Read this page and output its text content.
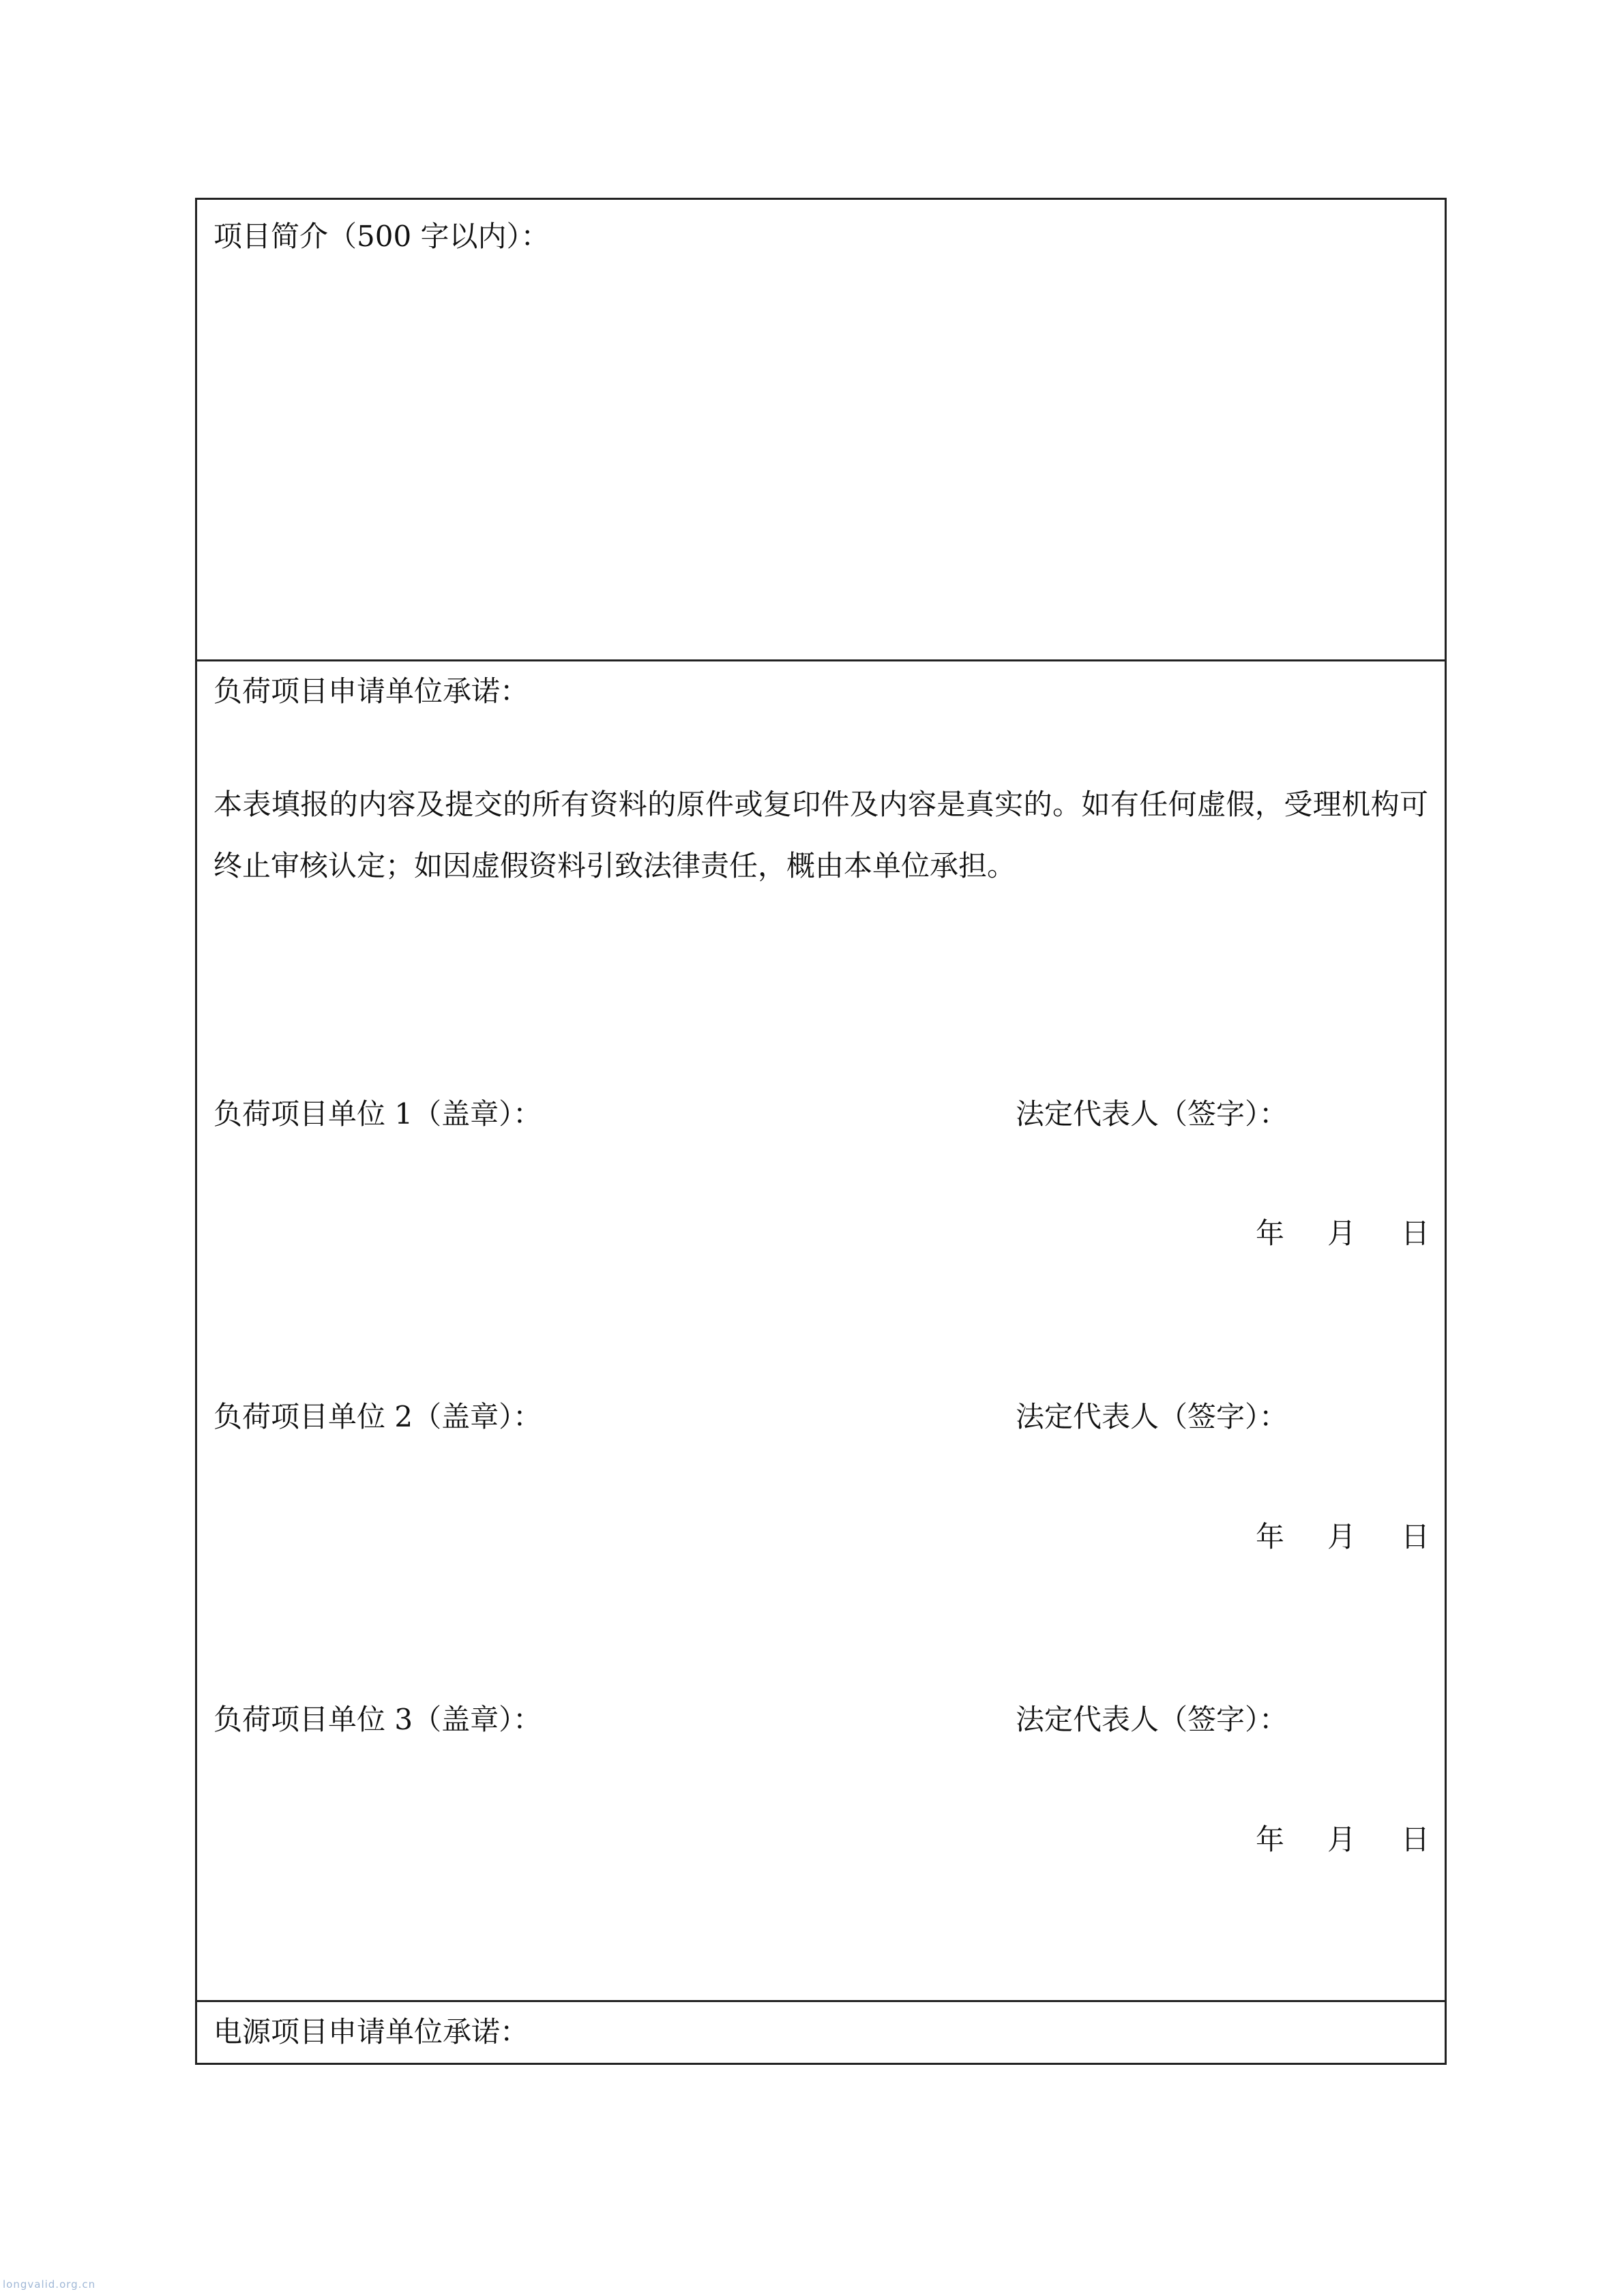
项目简介（500 字以内）：
负荷项目申请单位承诺：
本表填报的内容及提交的所有资料的原件或复印件及内容是真实的。如有任何虚假，受理机构可终止审核认定；如因虚假资料引致法律责任，概由本单位承担。
负荷项目单位 1（盖章）：	法定代表人（签字）：
年	月	日
负荷项目单位 2（盖章）：	法定代表人（签字）：
年	月	日
负荷项目单位 3（盖章）：	法定代表人（签字）：
年	月	日
电源项目申请单位承诺：
longvalid.org.cn
